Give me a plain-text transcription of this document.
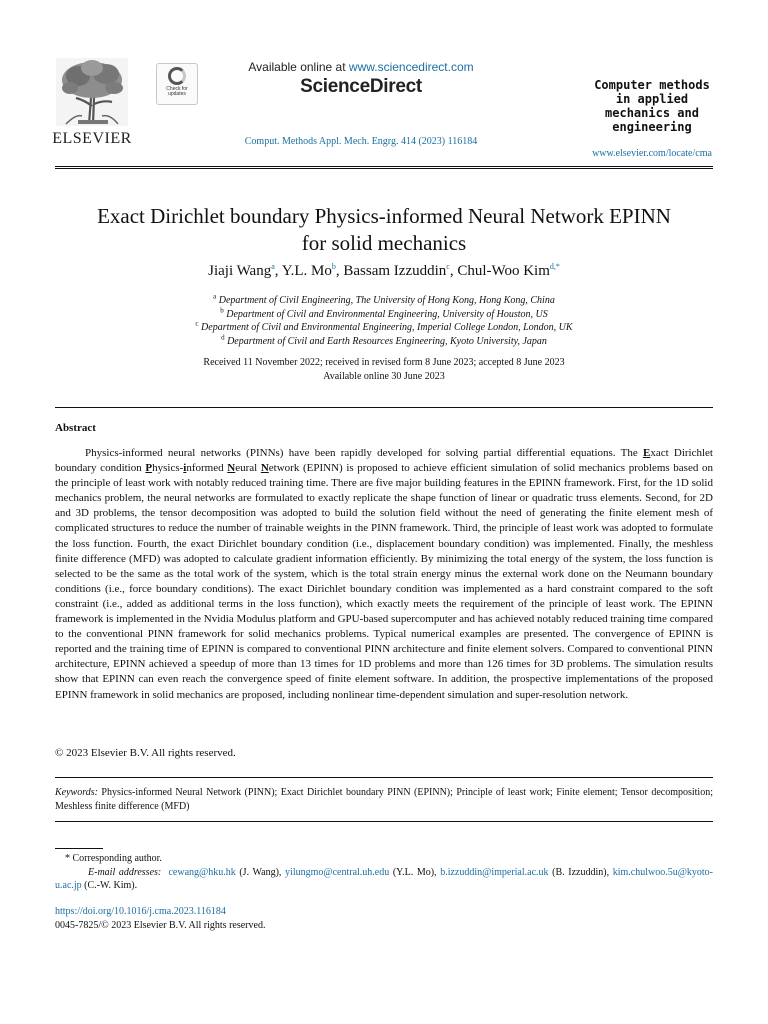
ELSEVIER
Check for updates
Available online at www.sciencedirect.com
ScienceDirect
Comput. Methods Appl. Mech. Engrg. 414 (2023) 116184
Computer methods
in applied
mechanics and
engineering
www.elsevier.com/locate/cma
Exact Dirichlet boundary Physics-informed Neural Network EPINN
for solid mechanics
Jiaji Wang$^a$, Y.L. Mo$^b$, Bassam Izzuddin$^c$, Chul-Woo Kim$^{d,*}$
$^a$ Department of Civil Engineering, The University of Hong Kong, Hong Kong, China
$^b$ Department of Civil and Environmental Engineering, University of Houston, US
$^c$ Department of Civil and Environmental Engineering, Imperial College London, London, UK
$^d$ Department of Civil and Earth Resources Engineering, Kyoto University, Japan
Received 11 November 2022; received in revised form 8 June 2023; accepted 8 June 2023
Available online 30 June 2023
Abstract
Physics-informed neural networks (PINNs) have been rapidly developed for solving partial differential equations. The Exact Dirichlet boundary condition Physics-informed Neural Network (EPINN) is proposed to achieve efficient simulation of solid mechanics problems based on the principle of least work with notably reduced training time. There are five major building features in the EPINN framework. First, for the 1D solid mechanics problem, the neural networks are formulated to exactly replicate the shape function of linear or quadratic truss elements. Second, for 2D and 3D problems, the tensor decomposition was adopted to build the solution field without the need of generating the finite element mesh of complicated structures to reduce the number of trainable weights in the PINN framework. Third, the principle of least work was adopted to formulate the loss function. Fourth, the exact Dirichlet boundary condition (i.e., displacement boundary condition) was implemented. Finally, the meshless finite difference (MFD) was adopted to calculate gradient information efficiently. By minimizing the total energy of the system, the loss function is selected to be the same as the total work of the system, which is the total strain energy minus the external work done on the Neumann boundary conditions (i.e., force boundary conditions). The exact Dirichlet boundary condition was implemented as a hard constraint compared to the soft constraint (i.e., added as additional terms in the loss function), which exactly meets the requirement of the principle of least work. The EPINN framework is implemented in the Nvidia Modulus platform and GPU-based supercomputer and has achieved notably reduced training time compared to the conventional PINN framework for solid mechanics problems. Typical numerical examples are presented. The convergence of EPINN is reported and the training time of EPINN is compared to conventional PINN architecture and finite element solvers. Compared to conventional PINN architecture, EPINN achieved a speedup of more than 13 times for 1D problems and more than 126 times for 3D problems. The simulation results show that EPINN can even reach the convergence speed of finite element software. In addition, the prospective implementations of the proposed EPINN framework in solid mechanics are proposed, including nonlinear time-dependent simulation and super-resolution network.
© 2023 Elsevier B.V. All rights reserved.
Keywords: Physics-informed Neural Network (PINN); Exact Dirichlet boundary PINN (EPINN); Principle of least work; Finite element; Tensor decomposition; Meshless finite difference (MFD)
* Corresponding author.
E-mail addresses: cewang@hku.hk (J. Wang), yilungmo@central.uh.edu (Y.L. Mo), b.izzuddin@imperial.ac.uk (B. Izzuddin), kim.chulwoo.5u@kyoto-u.ac.jp (C.-W. Kim).
https://doi.org/10.1016/j.cma.2023.116184
0045-7825/© 2023 Elsevier B.V. All rights reserved.
